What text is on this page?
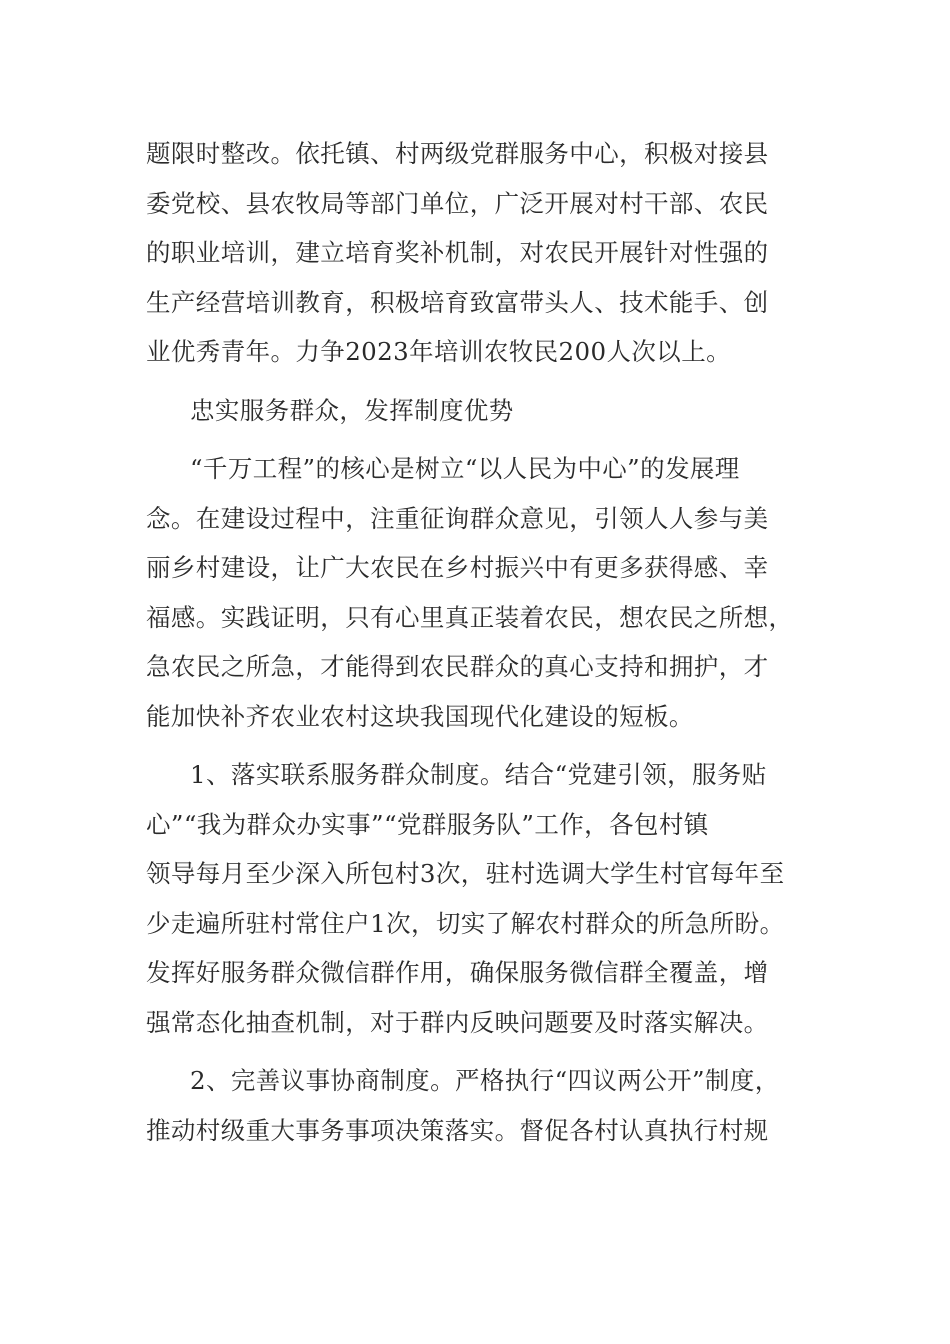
题限时整改。依托镇、村两级党群服务中心，积极对接县
委党校、县农牧局等部门单位，广泛开展对村干部、农民
的职业培训，建立培育奖补机制，对农民开展针对性强的
生产经营培训教育，积极培育致富带头人、技术能手、创
业优秀青年。力争2023年培训农牧民200人次以上。
忠实服务群众，发挥制度优势
“千万工程”的核心是树立“以人民为中心”的发展理
念。在建设过程中，注重征询群众意见，引领人人参与美
丽乡村建设，让广大农民在乡村振兴中有更多获得感、幸
福感。实践证明，只有心里真正装着农民，想农民之所想，
急农民之所急，才能得到农民群众的真心支持和拥护，才
能加快补齐农业农村这块我国现代化建设的短板。
1、落实联系服务群众制度。结合“党建引领，服务贴
心”“我为群众办实事”“党群服务队”工作，各包村镇
领导每月至少深入所包村3次，驻村选调大学生村官每年至
少走遍所驻村常住户1次，切实了解农村群众的所急所盼。
发挥好服务群众微信群作用，确保服务微信群全覆盖，增
强常态化抽查机制，对于群内反映问题要及时落实解决。
2、完善议事协商制度。严格执行“四议两公开”制度，
推动村级重大事务事项决策落实。督促各村认真执行村规
